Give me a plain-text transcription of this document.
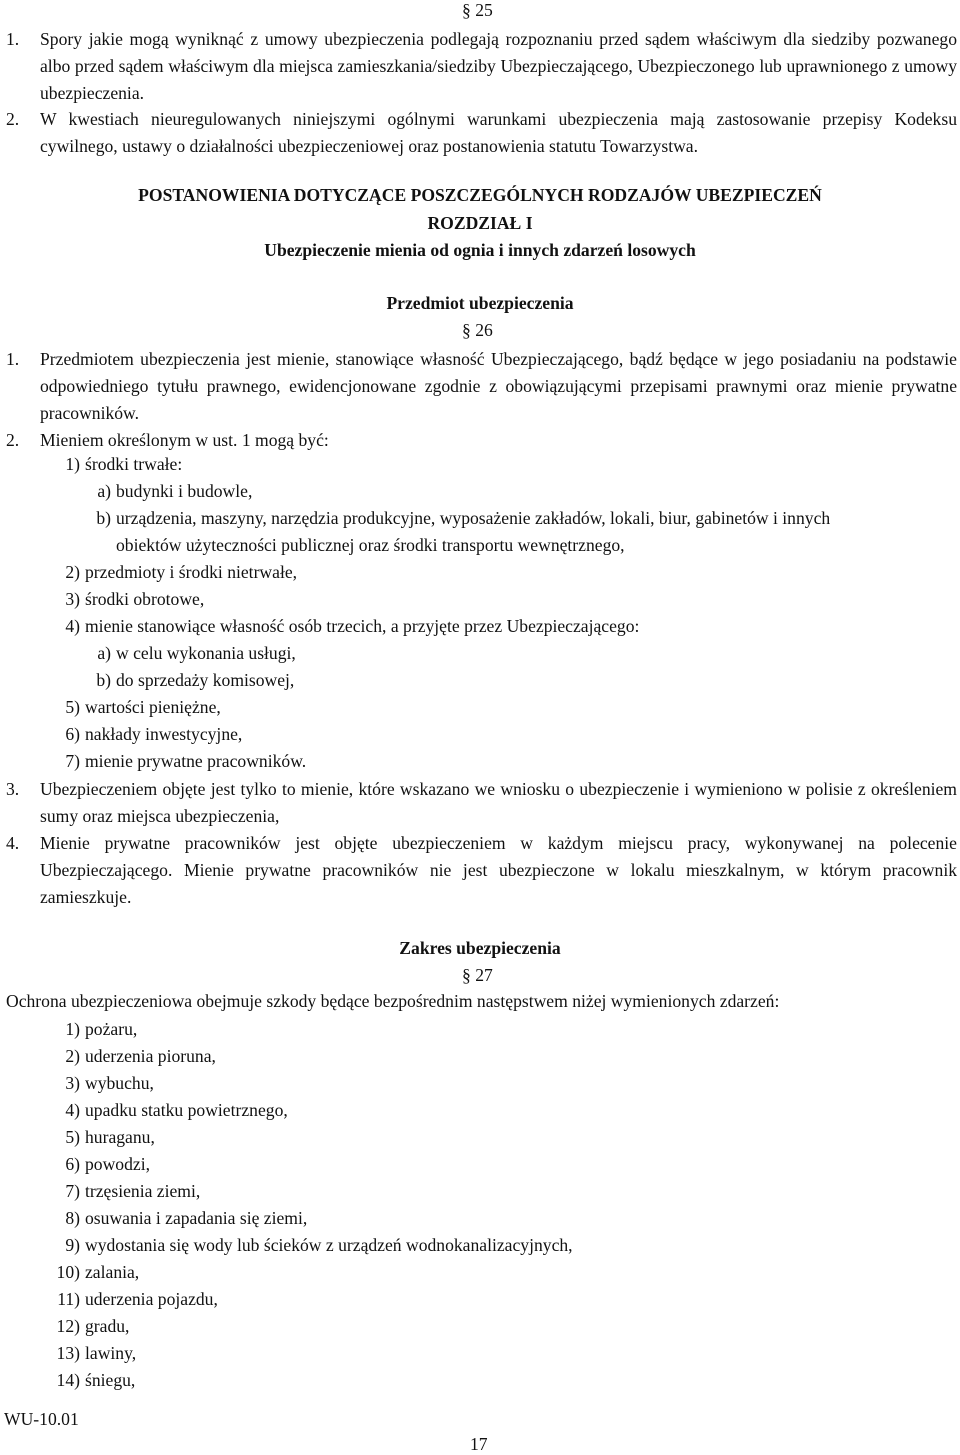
§ 25
1. Spory jakie mogą wyniknąć z umowy ubezpieczenia podlegają rozpoznaniu przed sądem właściwym dla siedziby pozwanego albo przed sądem właściwym dla miejsca zamieszkania/siedziby Ubezpieczającego, Ubezpieczonego lub uprawnionego z umowy ubezpieczenia.
2. W kwestiach nieuregulowanych niniejszymi ogólnymi warunkami ubezpieczenia mają zastosowanie przepisy Kodeksu cywilnego, ustawy o działalności ubezpieczeniowej oraz postanowienia statutu Towarzystwa.
POSTANOWIENIA DOTYCZĄCE POSZCZEGÓLNYCH RODZAJÓW UBEZPIECZEŃ
ROZDZIAŁ I
Ubezpieczenie mienia od ognia i innych zdarzeń losowych
Przedmiot ubezpieczenia
§ 26
1. Przedmiotem ubezpieczenia jest mienie, stanowiące własność Ubezpieczającego, bądź będące w jego posiadaniu na podstawie odpowiedniego tytułu prawnego, ewidencjonowane zgodnie z obowiązującymi przepisami prawnymi oraz mienie prywatne pracowników.
2. Mieniem określonym w ust. 1 mogą być:
1) środki trwałe:
a) budynki i budowle,
b) urządzenia, maszyny, narzędzia produkcyjne, wyposażenie zakładów, lokali, biur, gabinetów i innych
obiektów użyteczności publicznej oraz środki transportu wewnętrznego,
2) przedmioty i środki nietrwałe,
3) środki obrotowe,
4) mienie stanowiące własność osób trzecich, a przyjęte przez Ubezpieczającego:
a) w celu wykonania usługi,
b) do sprzedaży komisowej,
5) wartości pieniężne,
6) nakłady inwestycyjne,
7) mienie prywatne pracowników.
3. Ubezpieczeniem objęte jest tylko to mienie, które wskazano we wniosku o ubezpieczenie i wymieniono w polisie z określeniem sumy oraz miejsca ubezpieczenia,
4. Mienie prywatne pracowników jest objęte ubezpieczeniem w każdym miejscu pracy, wykonywanej na polecenie Ubezpieczającego. Mienie prywatne pracowników nie jest ubezpieczone w lokalu mieszkalnym, w którym pracownik zamieszkuje.
Zakres ubezpieczenia
§ 27
Ochrona ubezpieczeniowa obejmuje szkody będące bezpośrednim następstwem niżej wymienionych zdarzeń:
1) pożaru,
2) uderzenia pioruna,
3) wybuchu,
4) upadku statku powietrznego,
5) huraganu,
6) powodzi,
7) trzęsienia ziemi,
8) osuwania i zapadania się ziemi,
9) wydostania się wody lub ścieków z urządzeń wodnokanalizacyjnych,
10) zalania,
11) uderzenia pojazdu,
12) gradu,
13) lawiny,
14) śniegu,
WU-10.01
17
